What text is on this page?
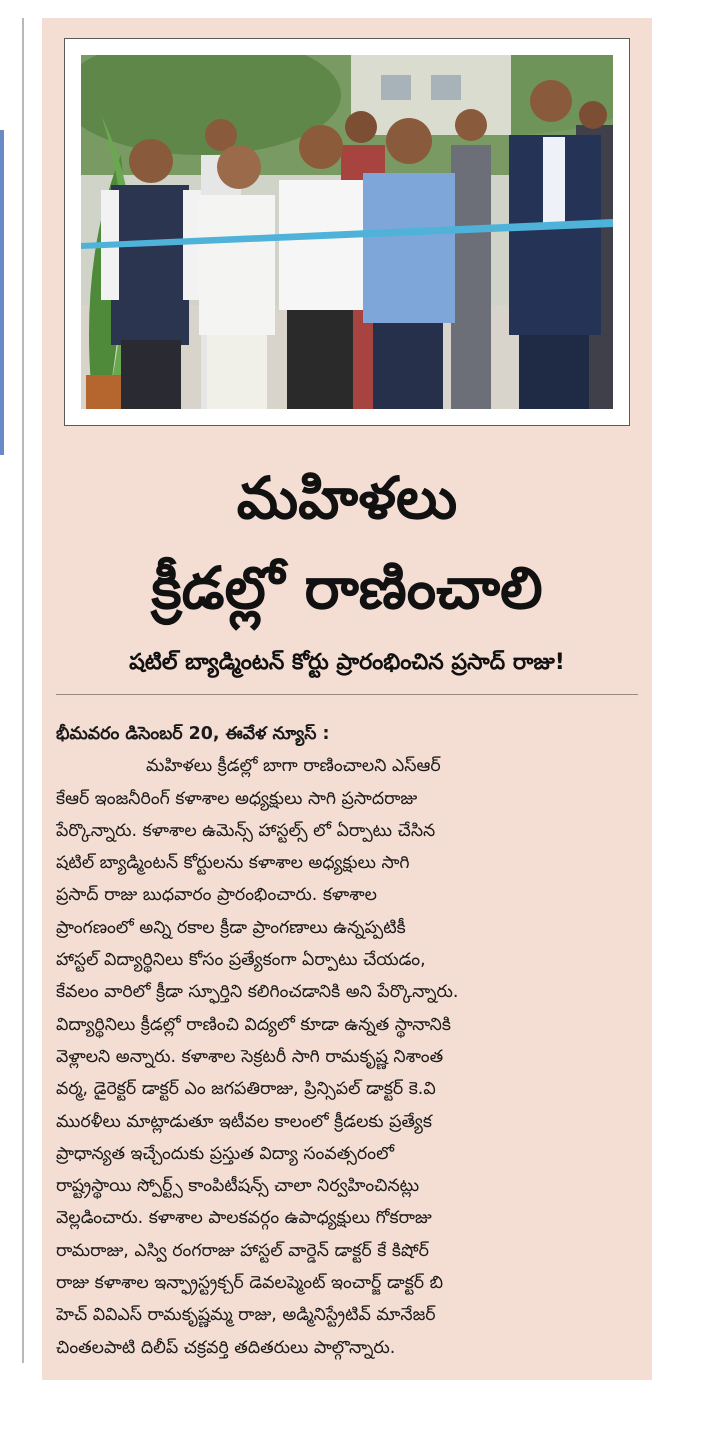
మహిళలు
క్రీడల్లో రాణించాలి
షటిల్ బ్యాడ్మింటన్ కోర్టు ప్రారంభించిన ప్రసాద్ రాజు!
భీమవరం డిసెంబర్ 20, ఈవేళ న్యూస్ :
మహిళలు క్రీడల్లో బాగా రాణించాలని ఎస్ఆర్
కేఆర్ ఇంజనీరింగ్ కళాశాల అధ్యక్షులు సాగి ప్రసాదరాజు
పేర్కొన్నారు. కళాశాల ఉమెన్స్ హాస్టల్స్ లో ఏర్పాటు చేసిన
షటిల్ బ్యాడ్మింటన్ కోర్టులను కళాశాల అధ్యక్షులు సాగి
ప్రసాద్ రాజు బుధవారం ప్రారంభించారు. కళాశాల
ప్రాంగణంలో అన్ని రకాల క్రీడా ప్రాంగణాలు ఉన్నప్పటికీ
హాస్టల్ విద్యార్థినిలు కోసం ప్రత్యేకంగా ఏర్పాటు చేయడం,
కేవలం వారిలో క్రీడా స్ఫూర్తిని కలిగించడానికి అని పేర్కొన్నారు.
విద్యార్థినిలు క్రీడల్లో రాణించి విద్యలో కూడా ఉన్నత స్థానానికి
వెళ్లాలని అన్నారు. కళాశాల సెక్రటరీ సాగి రామకృష్ణ నిశాంత
వర్మ, డైరెక్టర్ డాక్టర్ ఎం జగపతిరాజు, ప్రిన్సిపల్ డాక్టర్ కె.వి
మురళీలు మాట్లాడుతూ ఇటీవల కాలంలో క్రీడలకు ప్రత్యేక
ప్రాధాన్యత ఇచ్చేందుకు ప్రస్తుత విద్యా సంవత్సరంలో
రాష్ట్రస్థాయి స్పోర్ట్స్ కాంపిటీషన్స్ చాలా నిర్వహించినట్లు
వెల్లడించారు. కళాశాల పాలకవర్గం ఉపాధ్యక్షులు గోకరాజు
రామరాజు, ఎస్వి రంగరాజు హాస్టల్ వార్డెన్ డాక్టర్ కే కిషోర్
రాజు కళాశాల ఇన్ఫ్రాస్ట్రక్చర్ డెవలప్మెంట్ ఇంచార్జ్ డాక్టర్ బి
హెచ్ వివిఎస్ రామకృష్ణమ్మ రాజు, అడ్మినిస్ట్రేటివ్ మానేజర్
చింతలపాటి దిలీప్ చక్రవర్తి తదితరులు పాల్గొన్నారు.
